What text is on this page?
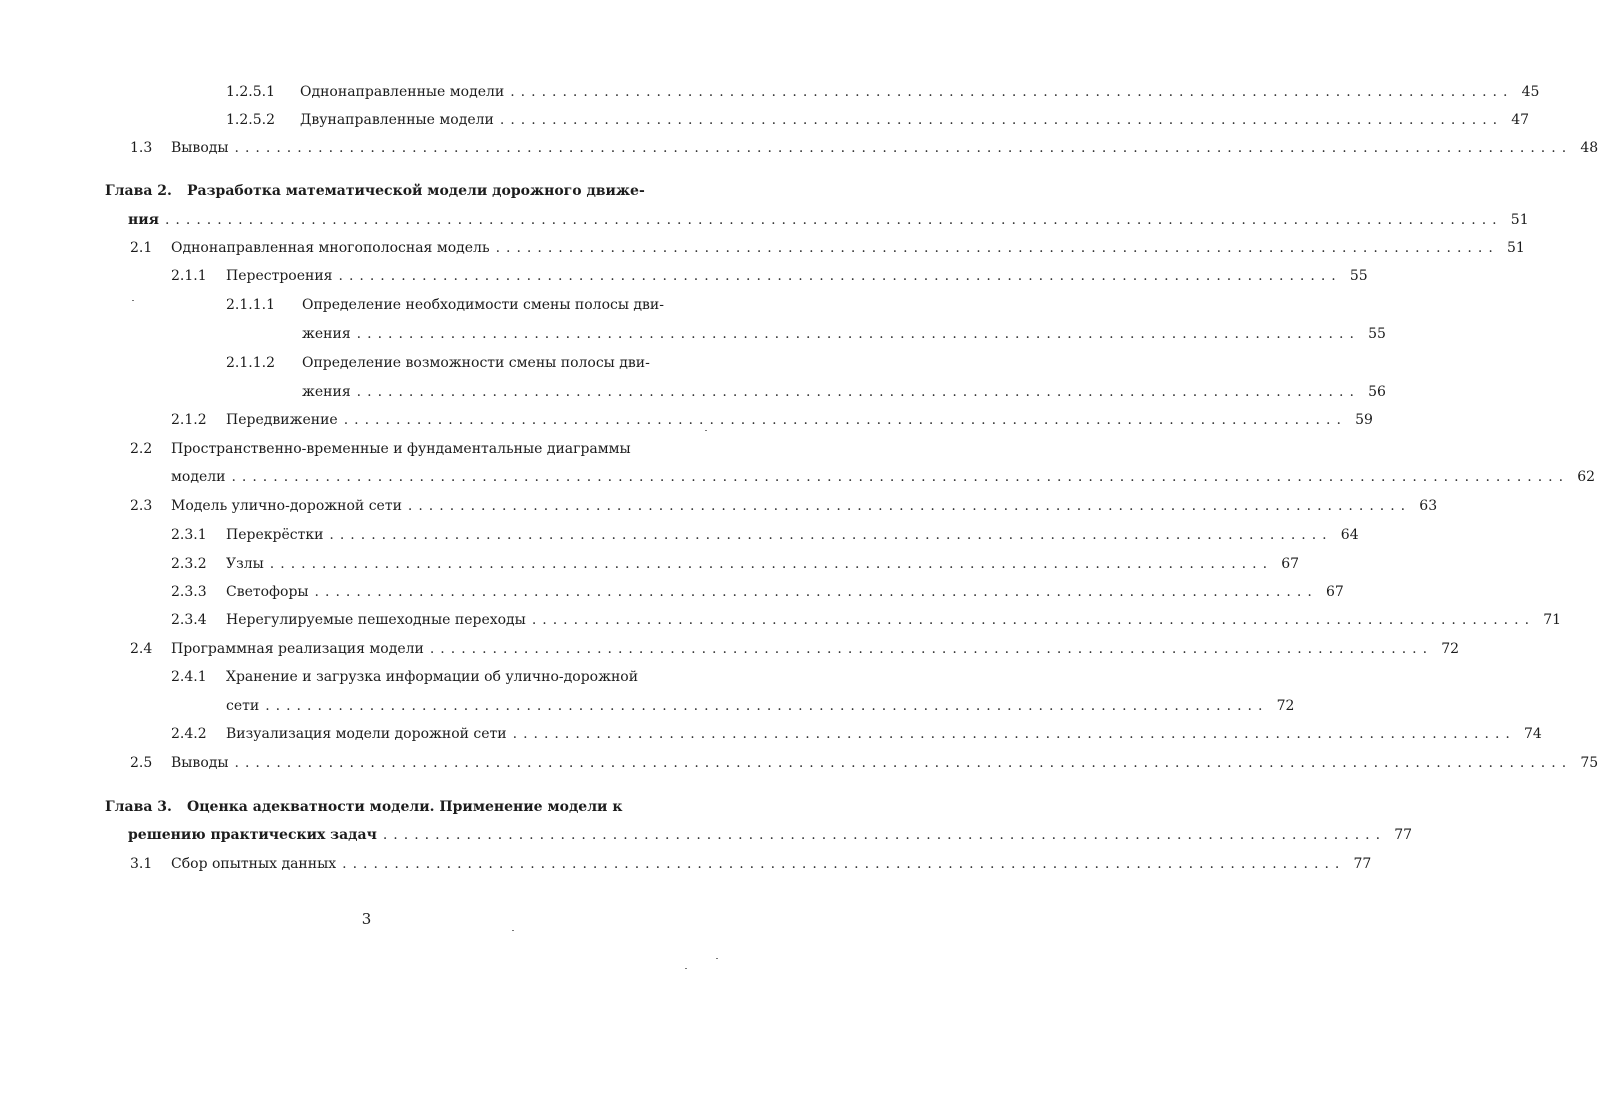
1.2.5.1 Однонаправленные модели ................................................................................................ 45
1.2.5.2 Двунаправленные модели ................................................................................................ 47
1.3 Выводы ................................................................................................................................ 48
Глава 2. Разработка математической модели дорожного движе-
ния ................................................................................................................................ 51
2.1 Однонаправленная многополосная модель ................................................................................................ 51
2.1.1 Перестроения ................................................................................................ 55
2.1.1.1 Определение необходимости смены полосы дви-
жения ................................................................................................ 55
2.1.1.2 Определение возможности смены полосы дви-
жения ................................................................................................ 56
2.1.2 Передвижение ................................................................................................ 59
2.2 Пространственно-временные и фундаментальные диаграммы
модели ................................................................................................................................ 62
2.3 Модель улично-дорожной сети ................................................................................................ 63
2.3.1 Перекрёстки ................................................................................................ 64
2.3.2 Узлы ................................................................................................ 67
2.3.3 Светофоры ................................................................................................ 67
2.3.4 Нерегулируемые пешеходные переходы ................................................................................................ 71
2.4 Программная реализация модели ................................................................................................ 72
2.4.1 Хранение и загрузка информации об улично-дорожной
сети ................................................................................................ 72
2.4.2 Визуализация модели дорожной сети ................................................................................................ 74
2.5 Выводы ................................................................................................................................ 75
Глава 3. Оценка адекватности модели. Применение модели к
решению практических задач ................................................................................................ 77
3.1 Сбор опытных данных ................................................................................................ 77
3
